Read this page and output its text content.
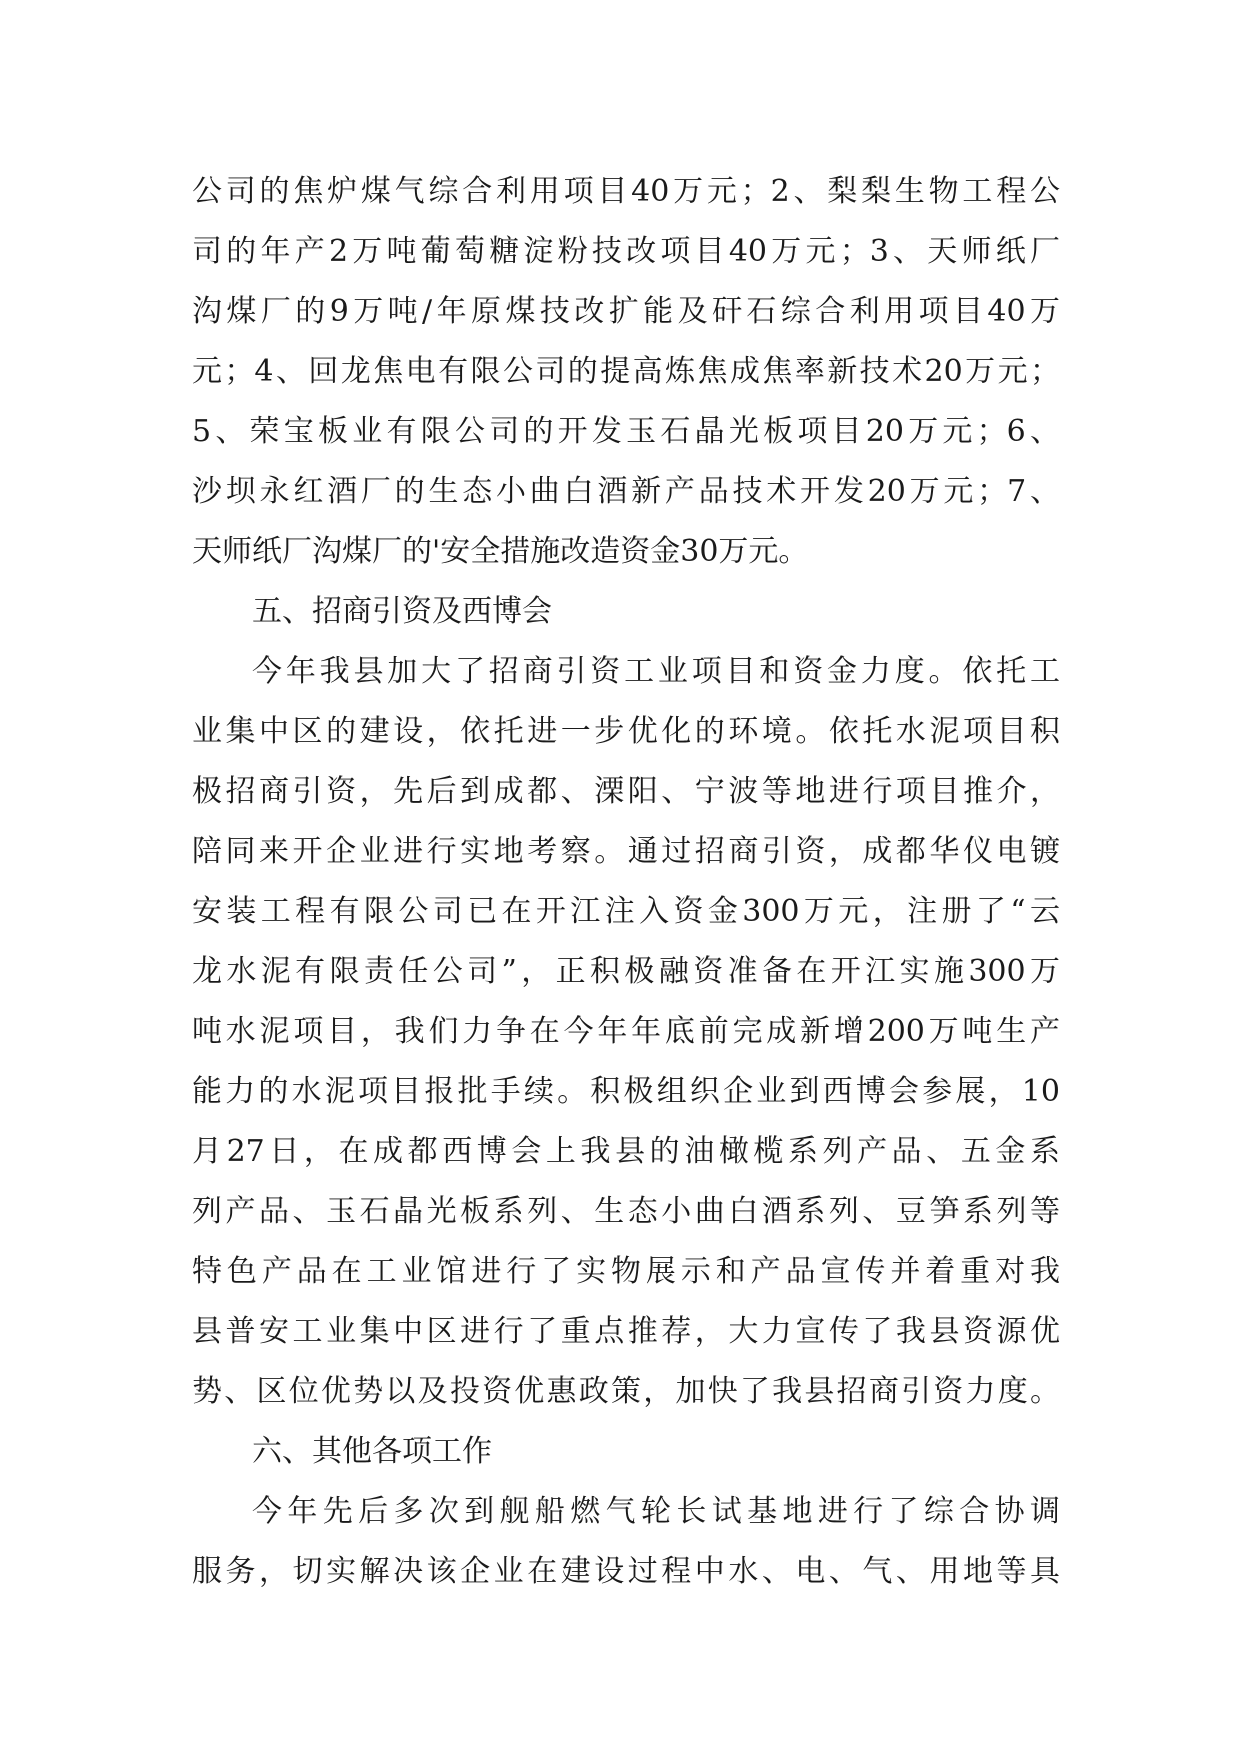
公司的焦炉煤气综合利用项目40万元；2、梨梨生物工程公
司的年产2万吨葡萄糖淀粉技改项目40万元；3、天师纸厂
沟煤厂的9万吨/年原煤技改扩能及矸石综合利用项目40万
元；4、回龙焦电有限公司的提高炼焦成焦率新技术20万元；
5、荣宝板业有限公司的开发玉石晶光板项目20万元；6、
沙坝永红酒厂的生态小曲白酒新产品技术开发20万元；7、
天师纸厂沟煤厂的'安全措施改造资金30万元。
五、招商引资及西博会
今年我县加大了招商引资工业项目和资金力度。依托工
业集中区的建设，依托进一步优化的环境。依托水泥项目积
极招商引资，先后到成都、溧阳、宁波等地进行项目推介，
陪同来开企业进行实地考察。通过招商引资，成都华仪电镀
安装工程有限公司已在开江注入资金300万元，注册了“云
龙水泥有限责任公司”，正积极融资准备在开江实施300万
吨水泥项目，我们力争在今年年底前完成新增200万吨生产
能力的水泥项目报批手续。积极组织企业到西博会参展，10
月27日，在成都西博会上我县的油橄榄系列产品、五金系
列产品、玉石晶光板系列、生态小曲白酒系列、豆笋系列等
特色产品在工业馆进行了实物展示和产品宣传并着重对我
县普安工业集中区进行了重点推荐，大力宣传了我县资源优
势、区位优势以及投资优惠政策，加快了我县招商引资力度。
六、其他各项工作
今年先后多次到舰船燃气轮长试基地进行了综合协调
服务，切实解决该企业在建设过程中水、电、气、用地等具
